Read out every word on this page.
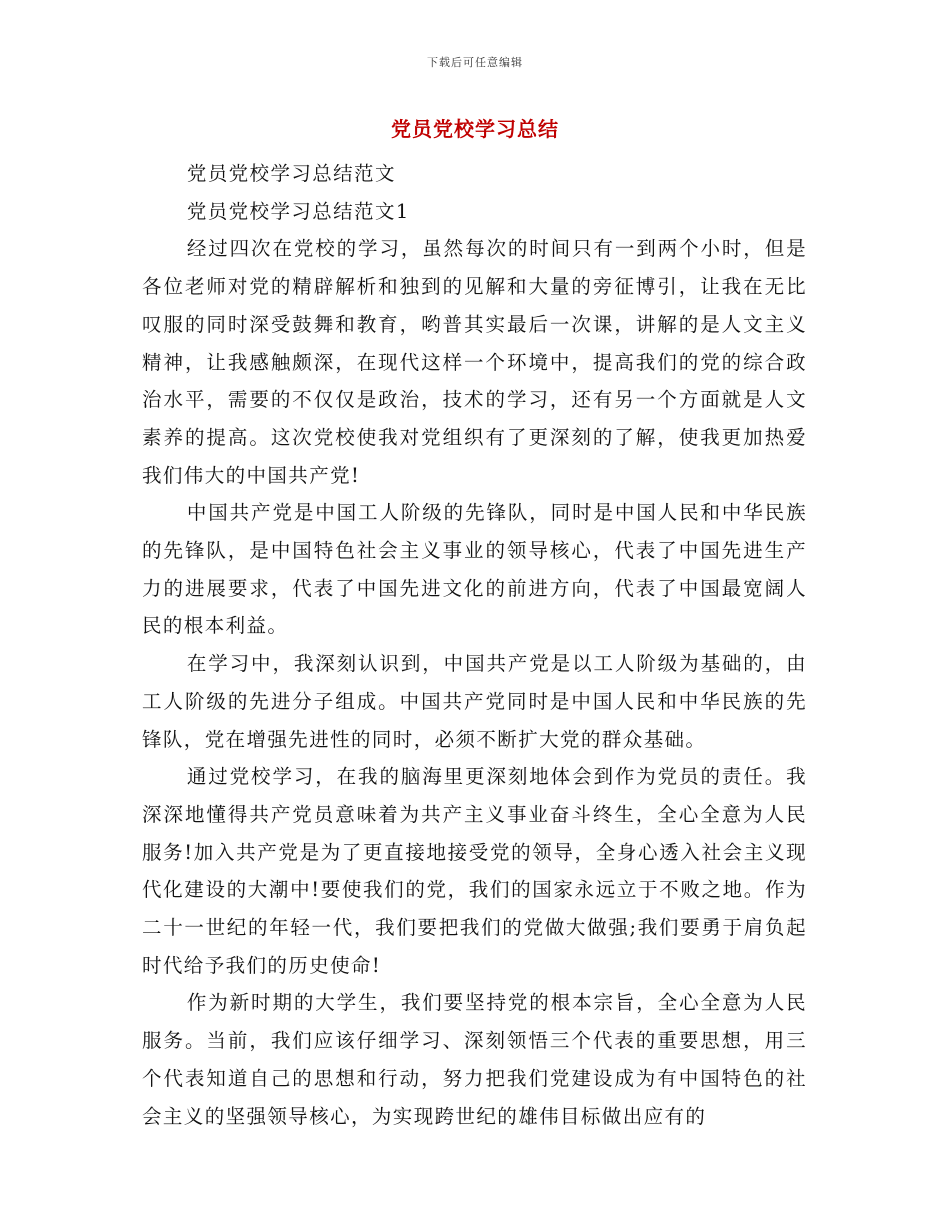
下载后可任意编辑
党员党校学习总结

党员党校学习总结范文

党员党校学习总结范文1

经过四次在党校的学习，虽然每次的时间只有一到两个小时，但是各位老师对党的精辟解析和独到的见解和大量的旁征博引，让我在无比叹服的同时深受鼓舞和教育，哟普其实最后一次课，讲解的是人文主义精神，让我感触颇深，在现代这样一个环境中，提高我们的党的综合政治水平，需要的不仅仅是政治，技术的学习，还有另一个方面就是人文素养的提高。这次党校使我对党组织有了更深刻的了解，使我更加热爱我们伟大的中国共产党!

中国共产党是中国工人阶级的先锋队，同时是中国人民和中华民族的先锋队，是中国特色社会主义事业的领导核心，代表了中国先进生产力的进展要求，代表了中国先进文化的前进方向，代表了中国最宽阔人民的根本利益。

在学习中，我深刻认识到，中国共产党是以工人阶级为基础的，由工人阶级的先进分子组成。中国共产党同时是中国人民和中华民族的先锋队，党在增强先进性的同时，必须不断扩大党的群众基础。

通过党校学习，在我的脑海里更深刻地体会到作为党员的责任。我深深地懂得共产党员意味着为共产主义事业奋斗终生，全心全意为人民服务!加入共产党是为了更直接地接受党的领导，全身心透入社会主义现代化建设的大潮中!要使我们的党，我们的国家永远立于不败之地。作为二十一世纪的年轻一代，我们要把我们的党做大做强;我们要勇于肩负起时代给予我们的历史使命!

作为新时期的大学生，我们要坚持党的根本宗旨，全心全意为人民服务。当前，我们应该仔细学习、深刻领悟三个代表的重要思想，用三个代表知道自己的思想和行动，努力把我们党建设成为有中国特色的社会主义的坚强领导核心，为实现跨世纪的雄伟目标做出应有的
